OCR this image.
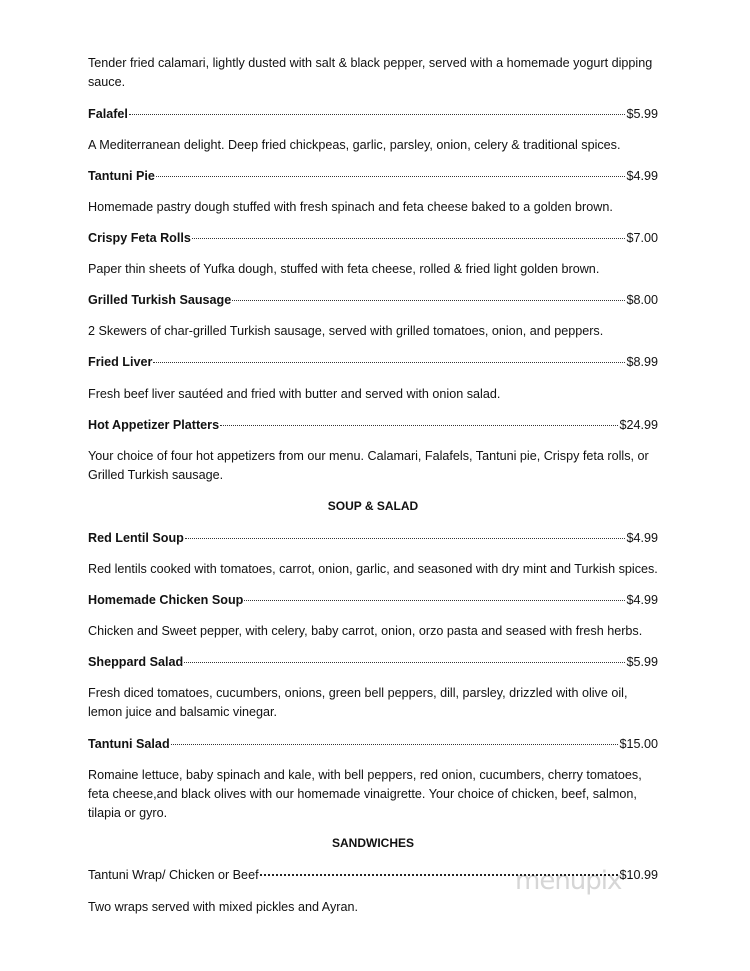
Tender fried calamari, lightly dusted with salt & black pepper, served with a homemade yogurt dipping sauce.
SOUP & SALAD
SANDWICHES
menupix
Falafel	$5.99
A Mediterranean delight. Deep fried chickpeas, garlic, parsley, onion, celery & traditional spices.
Tantuni Pie	$4.99
Homemade pastry dough stuffed with fresh spinach and feta cheese baked to a golden brown.
Crispy Feta Rolls	$7.00
Paper thin sheets of Yufka dough, stuffed with feta cheese, rolled & fried light golden brown.
Grilled Turkish Sausage	$8.00
2 Skewers of char-grilled Turkish sausage, served with grilled tomatoes, onion, and peppers.
Fried Liver	$8.99
Fresh beef liver sautéed and fried with butter and served with onion salad.
Hot Appetizer Platters	$24.99
Your choice of four hot appetizers from our menu. Calamari, Falafels, Tantuni pie, Crispy feta rolls, or Grilled Turkish sausage.
Red Lentil Soup	$4.99
Red lentils cooked with tomatoes, carrot, onion, garlic, and seasoned with dry mint and Turkish spices.
Homemade Chicken Soup	$4.99
Chicken and Sweet pepper, with celery, baby carrot, onion, orzo pasta and seased with fresh herbs.
Sheppard Salad	$5.99
Fresh diced tomatoes, cucumbers, onions, green bell peppers, dill, parsley, drizzled with olive oil, lemon juice and balsamic vinegar.
Tantuni Salad	$15.00
Romaine lettuce, baby spinach and kale, with bell peppers, red onion, cucumbers, cherry tomatoes, feta cheese,and black olives with our homemade vinaigrette. Your choice of chicken, beef, salmon, tilapia or gyro.
Tantuni Wrap/ Chicken or Beef	$10.99
Two wraps served with mixed pickles and Ayran.
